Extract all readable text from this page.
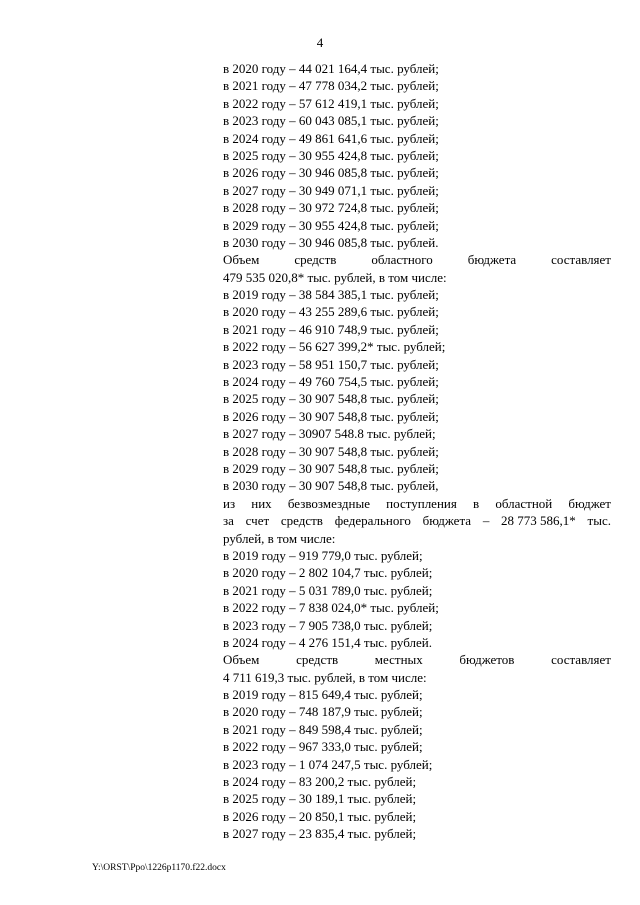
4
в 2020 году – 44 021 164,4 тыс. рублей;
в 2021 году – 47 778 034,2 тыс. рублей;
в 2022 году – 57 612 419,1 тыс. рублей;
в 2023 году – 60 043 085,1 тыс. рублей;
в 2024 году – 49 861 641,6 тыс. рублей;
в 2025 году – 30 955 424,8 тыс. рублей;
в 2026 году – 30 946 085,8 тыс. рублей;
в 2027 году – 30 949 071,1 тыс. рублей;
в 2028 году – 30 972 724,8 тыс. рублей;
в 2029 году – 30 955 424,8 тыс. рублей;
в 2030 году – 30 946 085,8 тыс. рублей.
Объем	средств	областного	бюджета	составляет
479 535 020,8* тыс. рублей, в том числе:
в 2019 году – 38 584 385,1 тыс. рублей;
в 2020 году – 43 255 289,6 тыс. рублей;
в 2021 году – 46 910 748,9 тыс. рублей;
в 2022 году – 56 627 399,2* тыс. рублей;
в 2023 году – 58 951 150,7 тыс. рублей;
в 2024 году – 49 760 754,5 тыс. рублей;
в 2025 году – 30 907 548,8 тыс. рублей;
в 2026 году – 30 907 548,8 тыс. рублей;
в 2027 году – 30907 548.8 тыс. рублей;
в 2028 году – 30 907 548,8 тыс. рублей;
в 2029 году – 30 907 548,8 тыс. рублей;
в 2030 году – 30 907 548,8 тыс. рублей,
из них безвозмездные поступления в областной бюджет
за счет средств федерального бюджета – 28 773 586,1* тыс.
рублей, в том числе:
в 2019 году – 919 779,0 тыс. рублей;
в 2020 году – 2 802 104,7 тыс. рублей;
в 2021 году – 5 031 789,0 тыс. рублей;
в 2022 году – 7 838 024,0* тыс. рублей;
в 2023 году – 7 905 738,0 тыс. рублей;
в 2024 году – 4 276 151,4 тыс. рублей.
Объем	средств	местных	бюджетов	составляет
4 711 619,3 тыс. рублей, в том числе:
в 2019 году – 815 649,4 тыс. рублей;
в 2020 году – 748 187,9 тыс. рублей;
в 2021 году – 849 598,4 тыс. рублей;
в 2022 году – 967 333,0 тыс. рублей;
в 2023 году – 1 074 247,5 тыс. рублей;
в 2024 году – 83 200,2 тыс. рублей;
в 2025 году – 30 189,1 тыс. рублей;
в 2026 году – 20 850,1 тыс. рублей;
в 2027 году – 23 835,4 тыс. рублей;
Y:\ORST\Ppo\1226p1170.f22.docx
